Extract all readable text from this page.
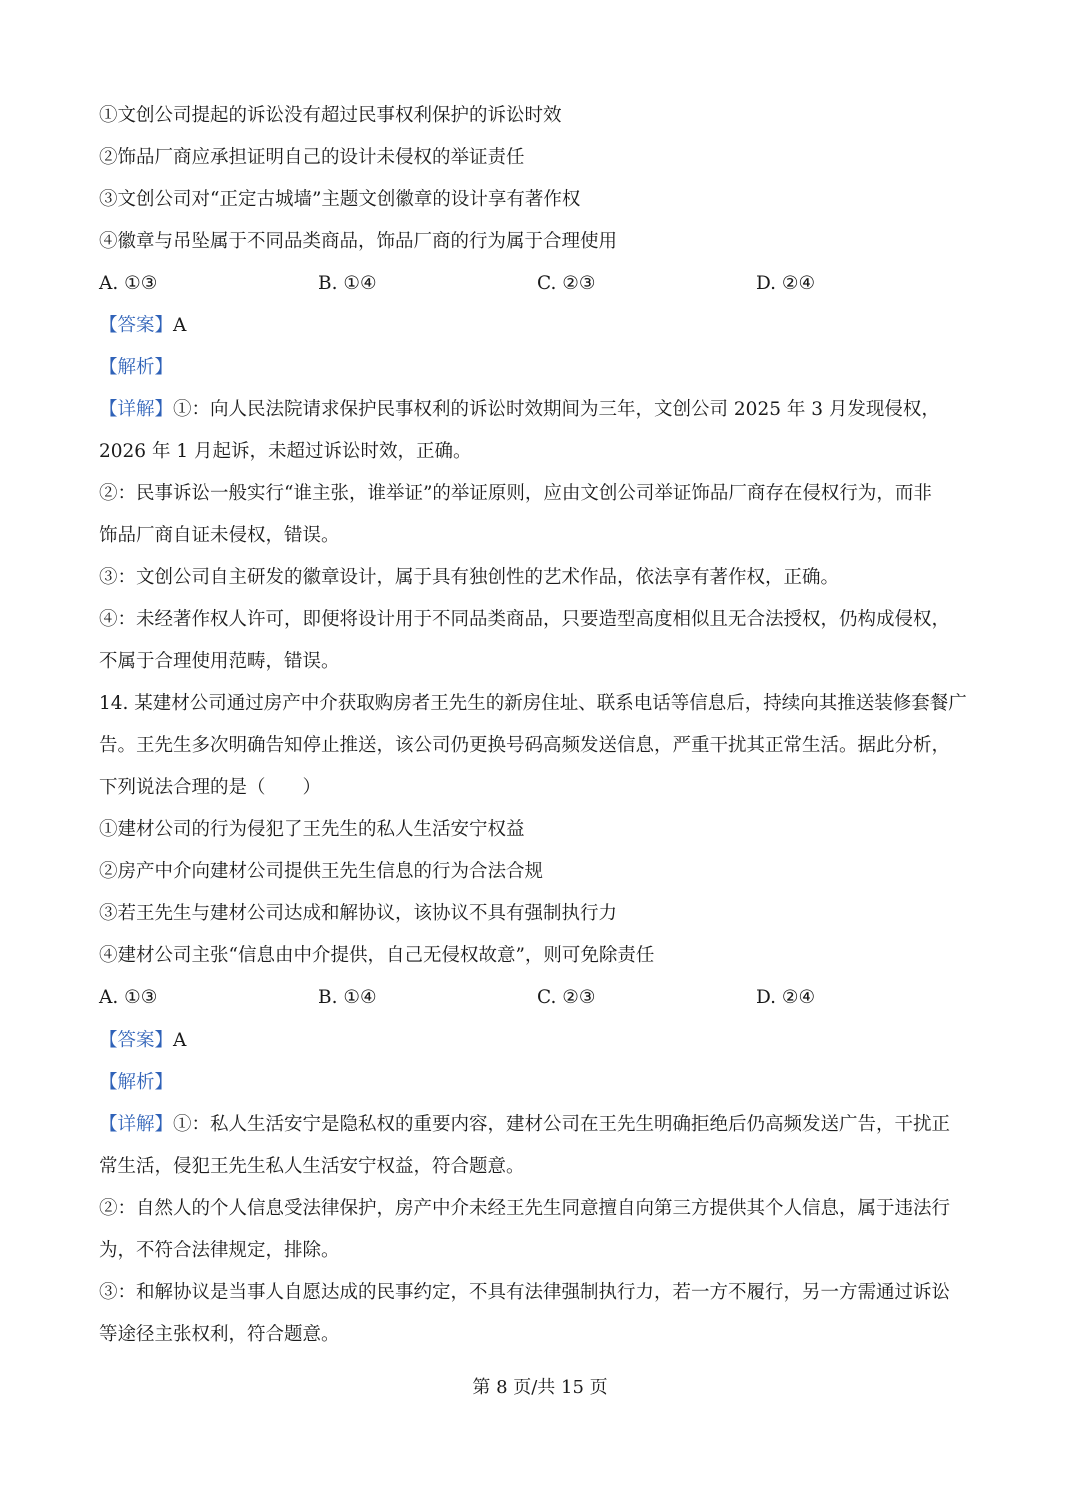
①文创公司提起的诉讼没有超过民事权利保护的诉讼时效
②饰品厂商应承担证明自己的设计未侵权的举证责任
③文创公司对“正定古城墙”主题文创徽章的设计享有著作权
④徽章与吊坠属于不同品类商品，饰品厂商的行为属于合理使用
A. ①③	B. ①④	C. ②③	D. ②④
【答案】A
【解析】
【详解】①：向人民法院请求保护民事权利的诉讼时效期间为三年，文创公司 2025 年 3 月发现侵权，
2026 年 1 月起诉，未超过诉讼时效，正确。
②：民事诉讼一般实行“谁主张，谁举证”的举证原则，应由文创公司举证饰品厂商存在侵权行为，而非
饰品厂商自证未侵权，错误。
③：文创公司自主研发的徽章设计，属于具有独创性的艺术作品，依法享有著作权，正确。
④：未经著作权人许可，即便将设计用于不同品类商品，只要造型高度相似且无合法授权，仍构成侵权，
不属于合理使用范畴，错误。
14. 某建材公司通过房产中介获取购房者王先生的新房住址、联系电话等信息后，持续向其推送装修套餐广
告。王先生多次明确告知停止推送，该公司仍更换号码高频发送信息，严重干扰其正常生活。据此分析，
下列说法合理的是（　　）
①建材公司的行为侵犯了王先生的私人生活安宁权益
②房产中介向建材公司提供王先生信息的行为合法合规
③若王先生与建材公司达成和解协议，该协议不具有强制执行力
④建材公司主张“信息由中介提供，自己无侵权故意”，则可免除责任
A. ①③	B. ①④	C. ②③	D. ②④
【答案】A
【解析】
【详解】①：私人生活安宁是隐私权的重要内容，建材公司在王先生明确拒绝后仍高频发送广告，干扰正
常生活，侵犯王先生私人生活安宁权益，符合题意。
②：自然人的个人信息受法律保护，房产中介未经王先生同意擅自向第三方提供其个人信息，属于违法行
为，不符合法律规定，排除。
③：和解协议是当事人自愿达成的民事约定，不具有法律强制执行力，若一方不履行，另一方需通过诉讼
等途径主张权利，符合题意。
第 8 页/共 15 页
